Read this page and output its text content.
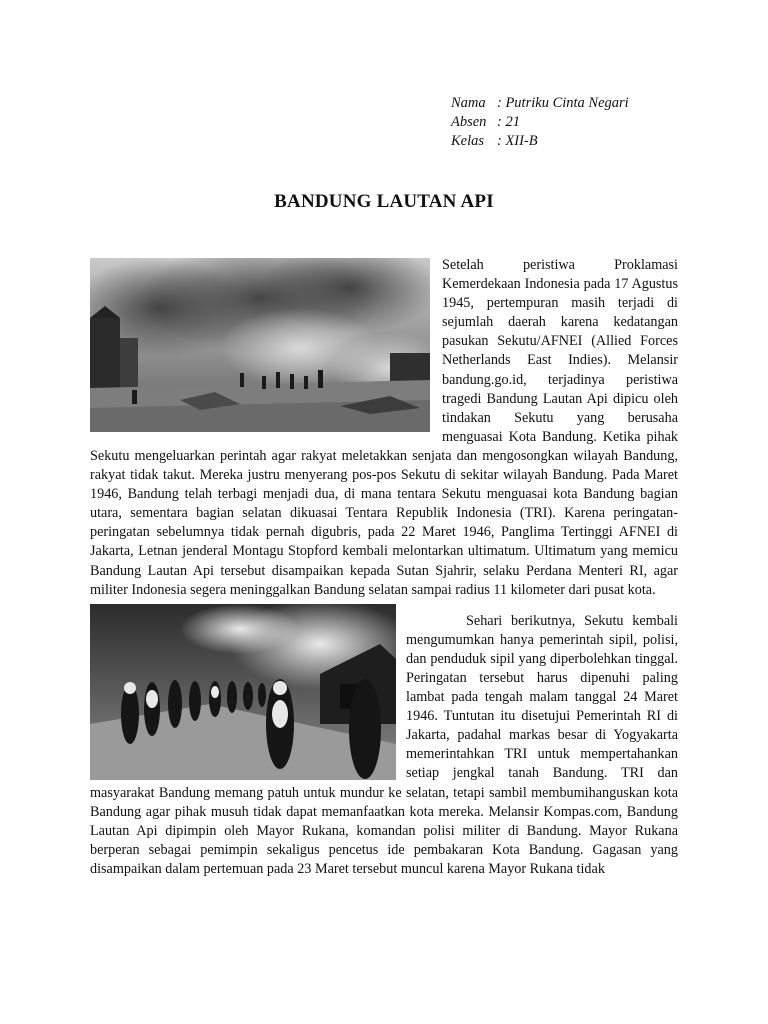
Nama : Putriku Cinta Negari
Absen : 21
Kelas : XII-B
BANDUNG LAUTAN API

Setelah peristiwa Proklamasi Kemerdekaan Indonesia pada 17 Agustus 1945, pertempuran masih terjadi di sejumlah daerah karena kedatangan pasukan Sekutu/AFNEI (Allied Forces Netherlands East Indies). Melansir bandung.go.id, terjadinya peristiwa tragedi Bandung Lautan Api dipicu oleh tindakan Sekutu yang berusaha menguasai Kota Bandung. Ketika pihak Sekutu mengeluarkan perintah agar rakyat meletakkan senjata dan mengosongkan wilayah Bandung, rakyat tidak takut. Mereka justru menyerang pos-pos Sekutu di sekitar wilayah Bandung. Pada Maret 1946, Bandung telah terbagi menjadi dua, di mana tentara Sekutu menguasai kota Bandung bagian utara, sementara bagian selatan dikuasai Tentara Republik Indonesia (TRI). Karena peringatan-peringatan sebelumnya tidak pernah digubris, pada 22 Maret 1946, Panglima Tertinggi AFNEI di Jakarta, Letnan jenderal Montagu Stopford kembali melontarkan ultimatum. Ultimatum yang memicu Bandung Lautan Api tersebut disampaikan kepada Sutan Sjahrir, selaku Perdana Menteri RI, agar militer Indonesia segera meninggalkan Bandung selatan sampai radius 11 kilometer dari pusat kota.

Sehari berikutnya, Sekutu kembali mengumumkan hanya pemerintah sipil, polisi, dan penduduk sipil yang diperbolehkan tinggal. Peringatan tersebut harus dipenuhi paling lambat pada tengah malam tanggal 24 Maret 1946. Tuntutan itu disetujui Pemerintah RI di Jakarta, padahal markas besar di Yogyakarta memerintahkan TRI untuk mempertahankan setiap jengkal tanah Bandung. TRI dan masyarakat Bandung memang patuh untuk mundur ke selatan, tetapi sambil membumihanguskan kota Bandung agar pihak musuh tidak dapat memanfaatkan kota mereka. Melansir Kompas.com, Bandung Lautan Api dipimpin oleh Mayor Rukana, komandan polisi militer di Bandung. Mayor Rukana berperan sebagai pemimpin sekaligus pencetus ide pembakaran Kota Bandung. Gagasan yang disampaikan dalam pertemuan pada 23 Maret tersebut muncul karena Mayor Rukana tidak
